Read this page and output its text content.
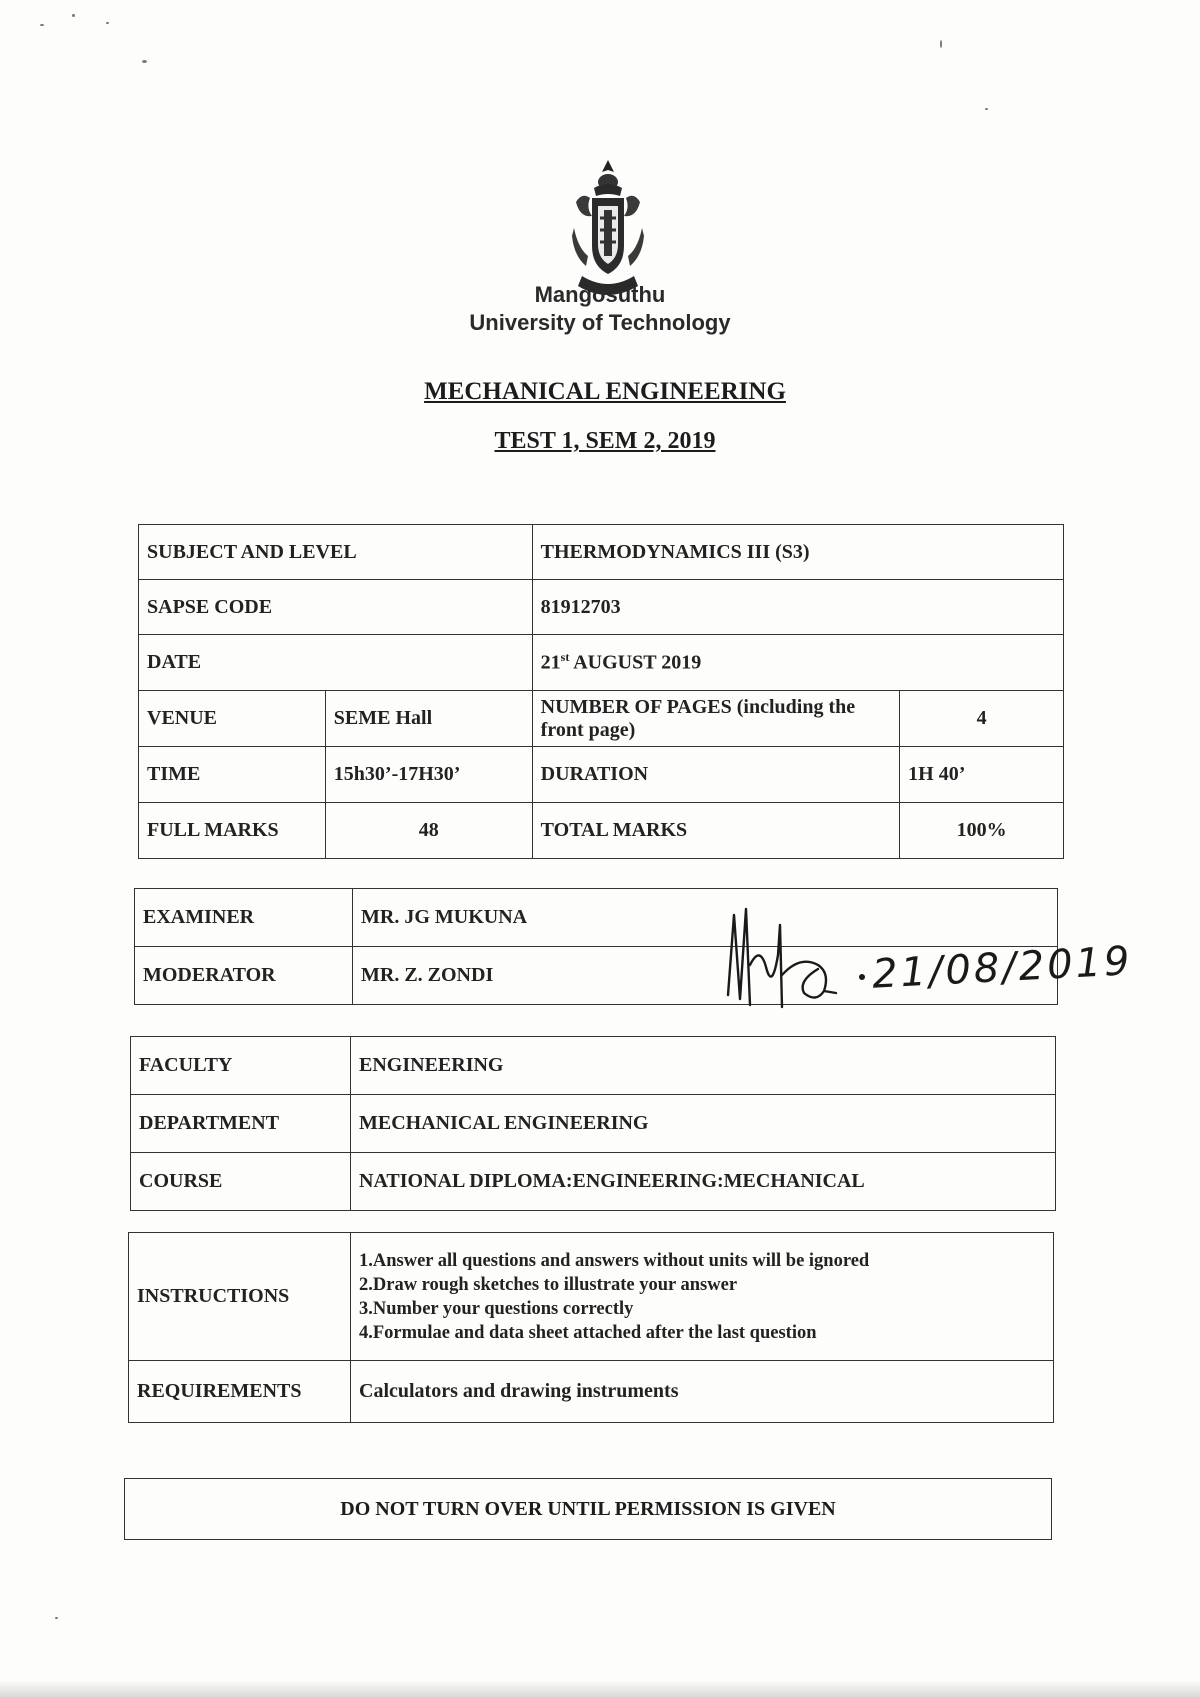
Mangosuthu
University of Technology
MECHANICAL ENGINEERING
TEST 1, SEM 2, 2019
SUBJECT AND LEVEL		THERMODYNAMICS III (S3)	
SAPSE CODE		81912703	
DATE		21st AUGUST 2019	
VENUE	SEME Hall	NUMBER OF PAGES (including the front page)	4
TIME	15h30’-17H30’	DURATION	1H 40’
FULL MARKS	48	TOTAL MARKS	100%
EXAMINER	MR. JG MUKUNA
MODERATOR	MR. Z. ZONDI	21/08/2019
FACULTY	ENGINEERING
DEPARTMENT	MECHANICAL ENGINEERING
COURSE	NATIONAL DIPLOMA:ENGINEERING:MECHANICAL
INSTRUCTIONS	1.Answer all questions and answers without units will be ignored
2.Draw rough sketches to illustrate your answer
3.Number your questions correctly
4.Formulae and data sheet attached after the last question

REQUIREMENTS	Calculators and drawing instruments
DO NOT TURN OVER UNTIL PERMISSION IS GIVEN
